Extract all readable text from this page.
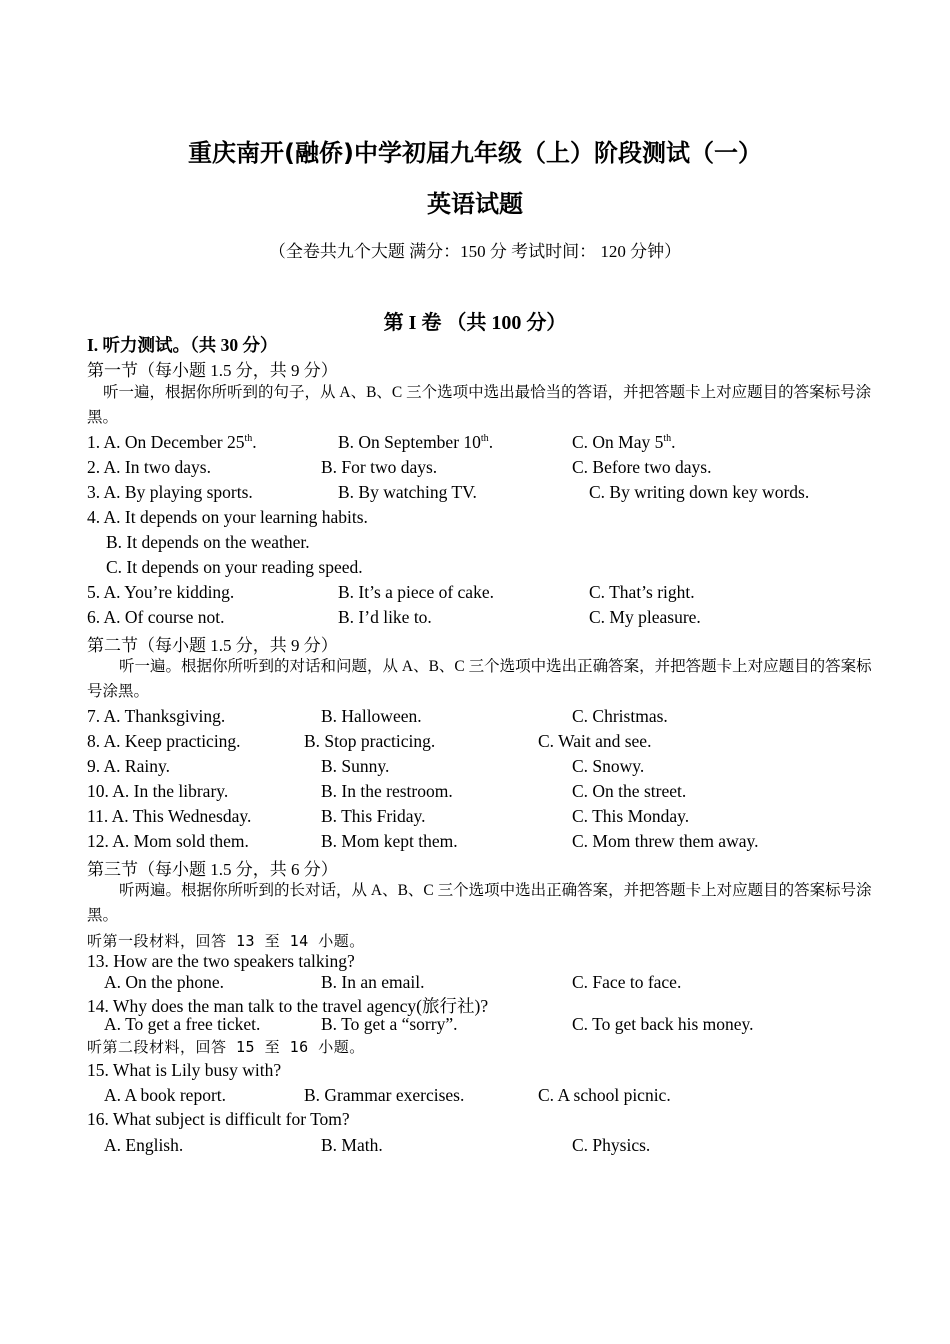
重庆南开(融侨)中学初届九年级（上）阶段测试（一）
英语试题
（全卷共九个大题 满分：150 分 考试时间： 120 分钟）
第 I 卷 （共 100 分）
I. 听力测试。（共 30 分）
第一节（每小题 1.5 分，共 9 分）
听一遍，根据你所听到的句子，从 A、B、C 三个选项中选出最恰当的答语，并把答题卡上对应题目的答案标号涂黑。
1. A. On December 25th.	B. On September 10th.	C. On May 5th.
2. A. In two days.	B. For two days.	C. Before two days.
3. A. By playing sports.	B. By watching TV.	C. By writing down key words.
4. A. It depends on your learning habits.
B. It depends on the weather.
C. It depends on your reading speed.
5. A. You’re kidding.	B. It’s a piece of cake.	C. That’s right.
6. A. Of course not.	B. I’d like to.	C. My pleasure.
第二节（每小题 1.5 分，共 9 分）
听一遍。根据你所听到的对话和问题，从 A、B、C 三个选项中选出正确答案，并把答题卡上对应题目的答案标号涂黑。
7. A. Thanksgiving.	B. Halloween.	C. Christmas.
8. A. Keep practicing.	B. Stop practicing.	C. Wait and see.
9. A. Rainy.	B. Sunny.	C. Snowy.
10. A. In the library.	B. In the restroom.	C. On the street.
11. A. This Wednesday.	B. This Friday.	C. This Monday.
12. A. Mom sold them.	B. Mom kept them.	C. Mom threw them away.
第三节（每小题 1.5 分，共 6 分）
听两遍。根据你所听到的长对话，从 A、B、C 三个选项中选出正确答案，并把答题卡上对应题目的答案标号涂黑。
听第一段材料，回答 13 至 14 小题。
13. How are the two speakers talking?
A. On the phone.	B. In an email.	C. Face to face.
14. Why does the man talk to the travel agency(旅行社)?
A. To get a free ticket.	B. To get a “sorry”.	C. To get back his money.
听第二段材料，回答 15 至 16 小题。
15. What is Lily busy with?
A. A book report.	B. Grammar exercises.	C. A school picnic.
16. What subject is difficult for Tom?
A. English.	B. Math.	C. Physics.
